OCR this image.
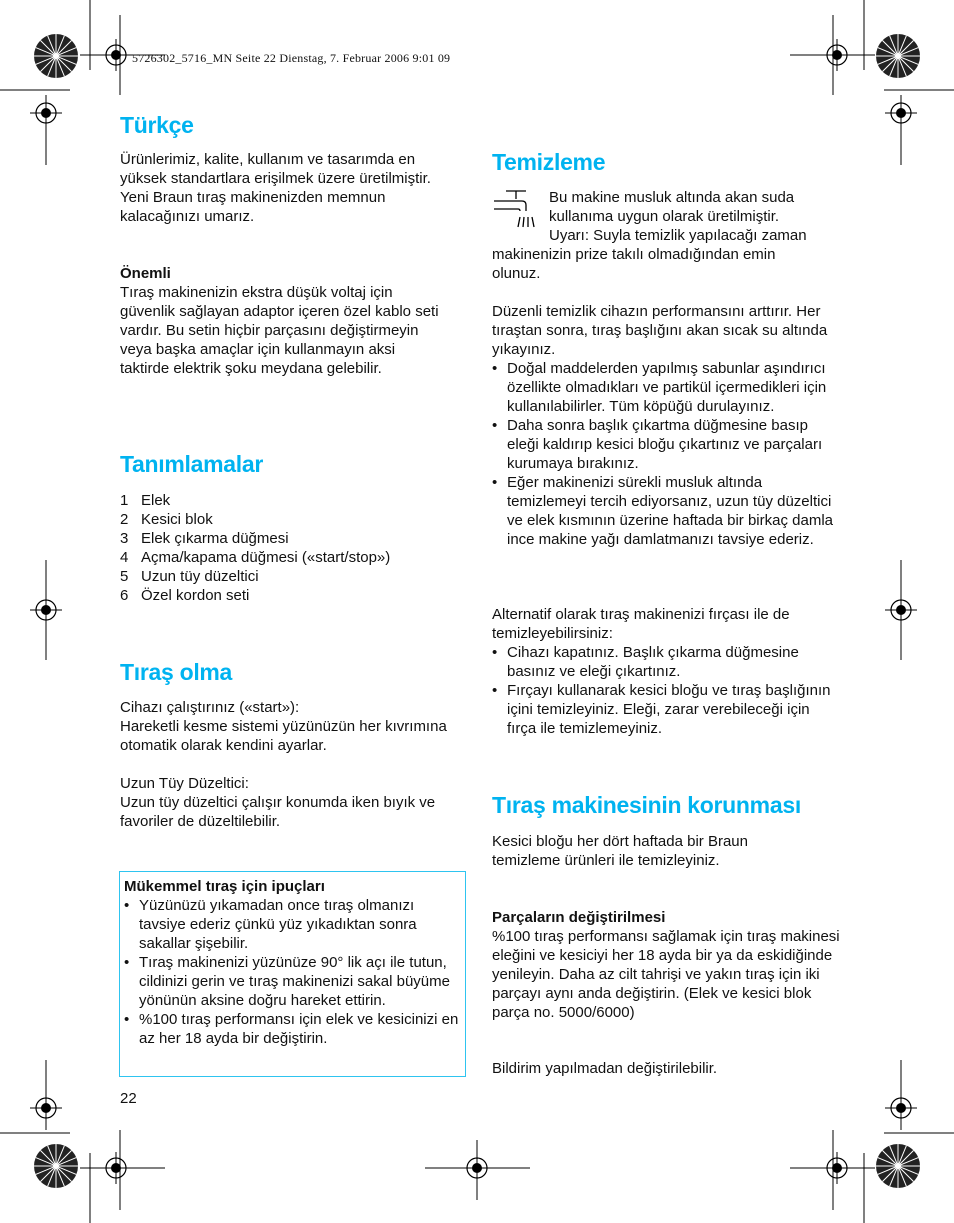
5726302_5716_MN Seite 22 Dienstag, 7. Februar 2006 9:01 09
Türkçe
Ürünlerimiz, kalite, kullanım ve tasarımda en yüksek standartlara erişilmek üzere üretilmiştir. Yeni Braun tıraş makinenizden memnun kalacağınızı umarız.
Önemli
Tıraş makinenizin ekstra düşük voltaj için güvenlik sağlayan adaptor içeren özel kablo seti vardır. Bu setin hiçbir parçasını değiştirmeyin veya başka amaçlar için kullanmayın aksi taktirde elektrik şoku meydana gelebilir.
Tanımlamalar
1 Elek
2 Kesici blok
3 Elek çıkarma düğmesi
4 Açma/kapama düğmesi («start/stop»)
5 Uzun tüy düzeltici
6 Özel kordon seti
Tıraş olma
Cihazı çalıştırınız («start»):
Hareketli kesme sistemi yüzünüzün her kıvrımına otomatik olarak kendini ayarlar.
Uzun Tüy Düzeltici:
Uzun tüy düzeltici çalışır konumda iken bıyık ve favoriler de düzeltilebilir.
Mükemmel tıraş için ipuçları
• Yüzünüzü yıkamadan once tıraş olmanızı tavsiye ederiz çünkü yüz yıkadıktan sonra sakallar şişebilir.
• Tıraş makinenizi yüzünüze 90° lik açı ile tutun, cildinizi gerin ve tıraş makinenizi sakal büyüme yönünün aksine doğru hareket ettirin.
• %100 tıraş performansı için elek ve kesicinizi en az her 18 ayda bir değiştirin.
22
Temizleme
Bu makine musluk altında akan suda
kullanıma uygun olarak üretilmiştir.
Uyarı: Suyla temizlik yapılacağı zaman
makinenizin prize takılı olmadığından emin olunuz.
Düzenli temizlik cihazın performansını arttırır. Her tıraştan sonra, tıraş başlığını akan sıcak su altında yıkayınız.
• Doğal maddelerden yapılmış sabunlar aşındırıcı özellikte olmadıkları ve partikül içermedikleri için kullanılabilirler. Tüm köpüğü durulayınız.
• Daha sonra başlık çıkartma düğmesine basıp eleği kaldırıp kesici bloğu çıkartınız ve parçaları kurumaya bırakınız.
• Eğer makinenizi sürekli musluk altında temizlemeyi tercih ediyorsanız, uzun tüy düzeltici ve elek kısmının üzerine haftada bir birkaç damla ince makine yağı damlatmanızı tavsiye ederiz.
Alternatif olarak tıraş makinenizi fırçası ile de temizleyebilirsiniz:
• Cihazı kapatınız. Başlık çıkarma düğmesine basınız ve eleği çıkartınız.
• Fırçayı kullanarak kesici bloğu ve tıraş başlığının içini temizleyiniz. Eleği, zarar verebileceği için fırça ile temizlemeyiniz.
Tıraş makinesinin korunması
Kesici bloğu her dört haftada bir Braun temizleme ürünleri ile temizleyiniz.
Parçaların değiştirilmesi
%100 tıraş performansı sağlamak için tıraş makinesi eleğini ve kesiciyi her 18 ayda bir ya da eskidiğinde yenileyin. Daha az cilt tahrişi ve yakın tıraş için iki parçayı aynı anda değiştirin. (Elek ve kesici blok parça no. 5000/6000)
Bildirim yapılmadan değiştirilebilir.
